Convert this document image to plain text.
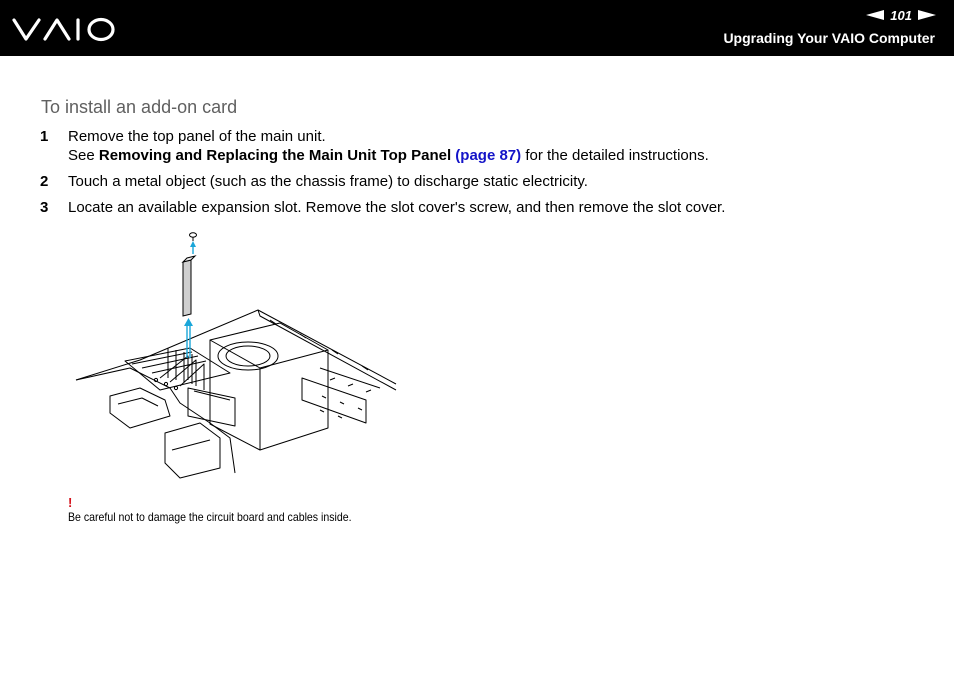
101
Upgrading Your VAIO Computer
To install an add-on card
1 Remove the top panel of the main unit.
See Removing and Replacing the Main Unit Top Panel (page 87) for the detailed instructions.
2 Touch a metal object (such as the chassis frame) to discharge static electricity.
3 Locate an available expansion slot. Remove the slot cover's screw, and then remove the slot cover.
!
Be careful not to damage the circuit board and cables inside.
